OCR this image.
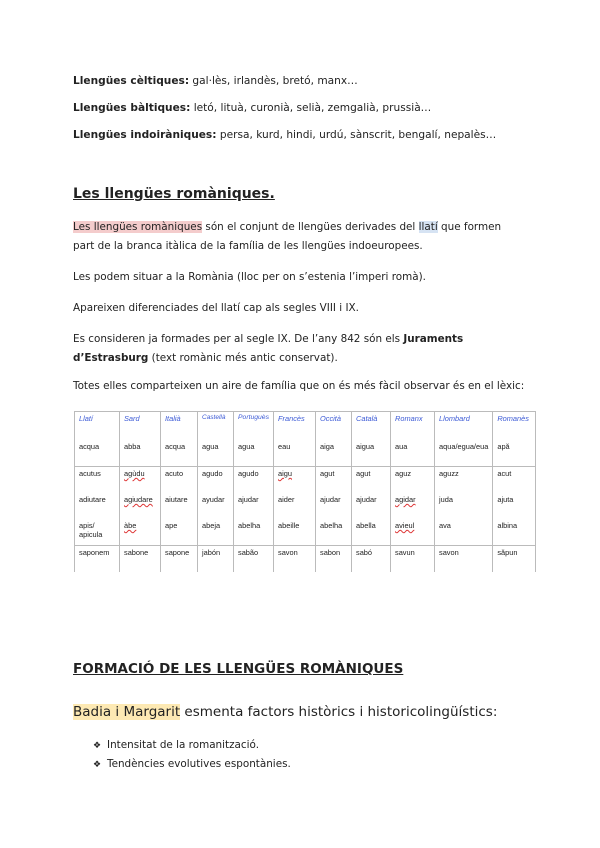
Llengües cèltiques: gal·lès, irlandès, bretó, manx…
Llengües bàltiques: letó, lituà, curonià, selià, zemgalià, prussià…
Llengües indoiràniques: persa, kurd, hindi, urdú, sànscrit, bengalí, nepalès…
Les llengües romàniques.
Les llengües romàniques són el conjunt de llengües derivades del llatí que formen part de la branca itàlica de la família de les llengües indoeuropees.
Les podem situar a la Romània (lloc per on s’estenia l’imperi romà).
Apareixen diferenciades del llatí cap als segles VIII i IX.
Es consideren ja formades per al segle IX. De l’any 842 són els Juraments d’Estrasburg (text romànic més antic conservat).
Totes elles comparteixen un aire de família que on és més fàcil observar és en el lèxic:
Llatí	Sard	Italià	Castellà	Portuguès	Francès	Occità	Català	Romanx	Llombard	Romanès
acqua	abba	acqua	agua	agua	eau	aiga	aigua	aua	aqua/egua/eua	apă
acutus	agùdu	acuto	agudo	agudo	aigu	agut	agut	aguz	aguzz	acut
adiutare	agiudare	aiutare	ayudar	ajudar	aider	ajudar	ajudar	agidar	juda	ajuta
apis/ apicula	àbe	ape	abeja	abelha	abeille	abelha	abella	avieul	ava	albina
saponem	sabone	sapone	jabón	sabão	savon	sabon	sabó	savun	savon	săpun
FORMACIÓ DE LES LLENGÜES ROMÀNIQUES
Badia i Margarit esmenta factors històrics i historicolingüístics:
❖ Intensitat de la romanització.
❖ Tendències evolutives espontànies.
